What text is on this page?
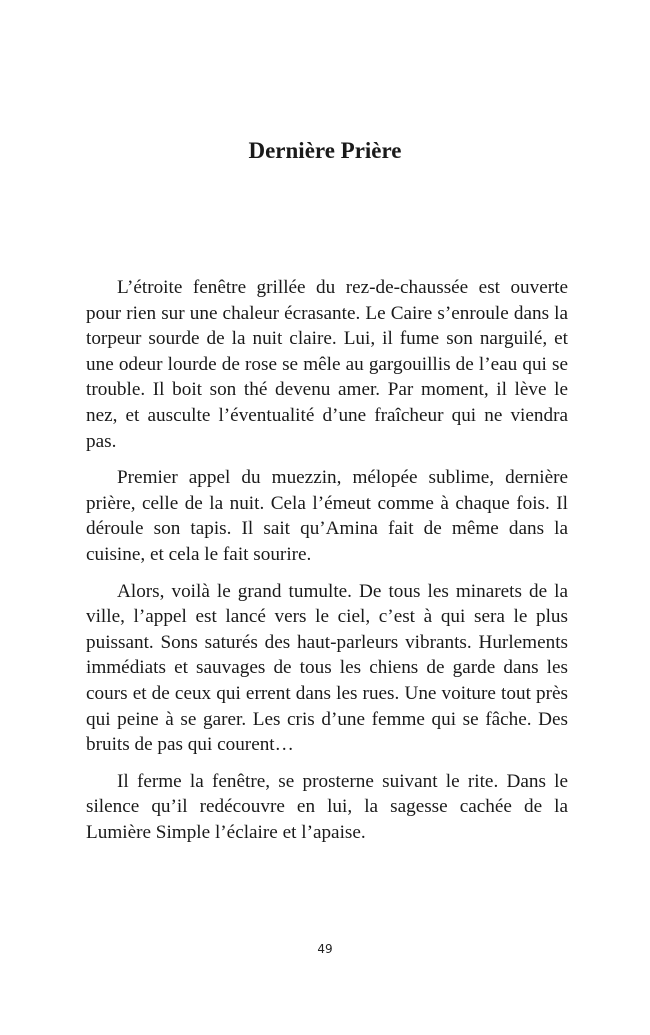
Dernière Prière

L’étroite fenêtre grillée du rez-de-chaussée est ouverte pour rien sur une chaleur écrasante. Le Caire s’enroule dans la torpeur sourde de la nuit claire. Lui, il fume son narguilé, et une odeur lourde de rose se mêle au gargouillis de l’eau qui se trouble. Il boit son thé devenu amer. Par moment, il lève le nez, et ausculte l’éventualité d’une fraîcheur qui ne viendra pas.

Premier appel du muezzin, mélopée sublime, dernière prière, celle de la nuit. Cela l’émeut comme à chaque fois. Il déroule son tapis. Il sait qu’Amina fait de même dans la cuisine, et cela le fait sourire.

Alors, voilà le grand tumulte. De tous les minarets de la ville, l’appel est lancé vers le ciel, c’est à qui sera le plus puissant. Sons saturés des haut-parleurs vibrants. Hurlements immédiats et sauvages de tous les chiens de garde dans les cours et de ceux qui errent dans les rues. Une voiture tout près qui peine à se garer. Les cris d’une femme qui se fâche. Des bruits de pas qui courent…

Il ferme la fenêtre, se prosterne suivant le rite. Dans le silence qu’il redécouvre en lui, la sagesse cachée de la Lumière Simple l’éclaire et l’apaise.

49
